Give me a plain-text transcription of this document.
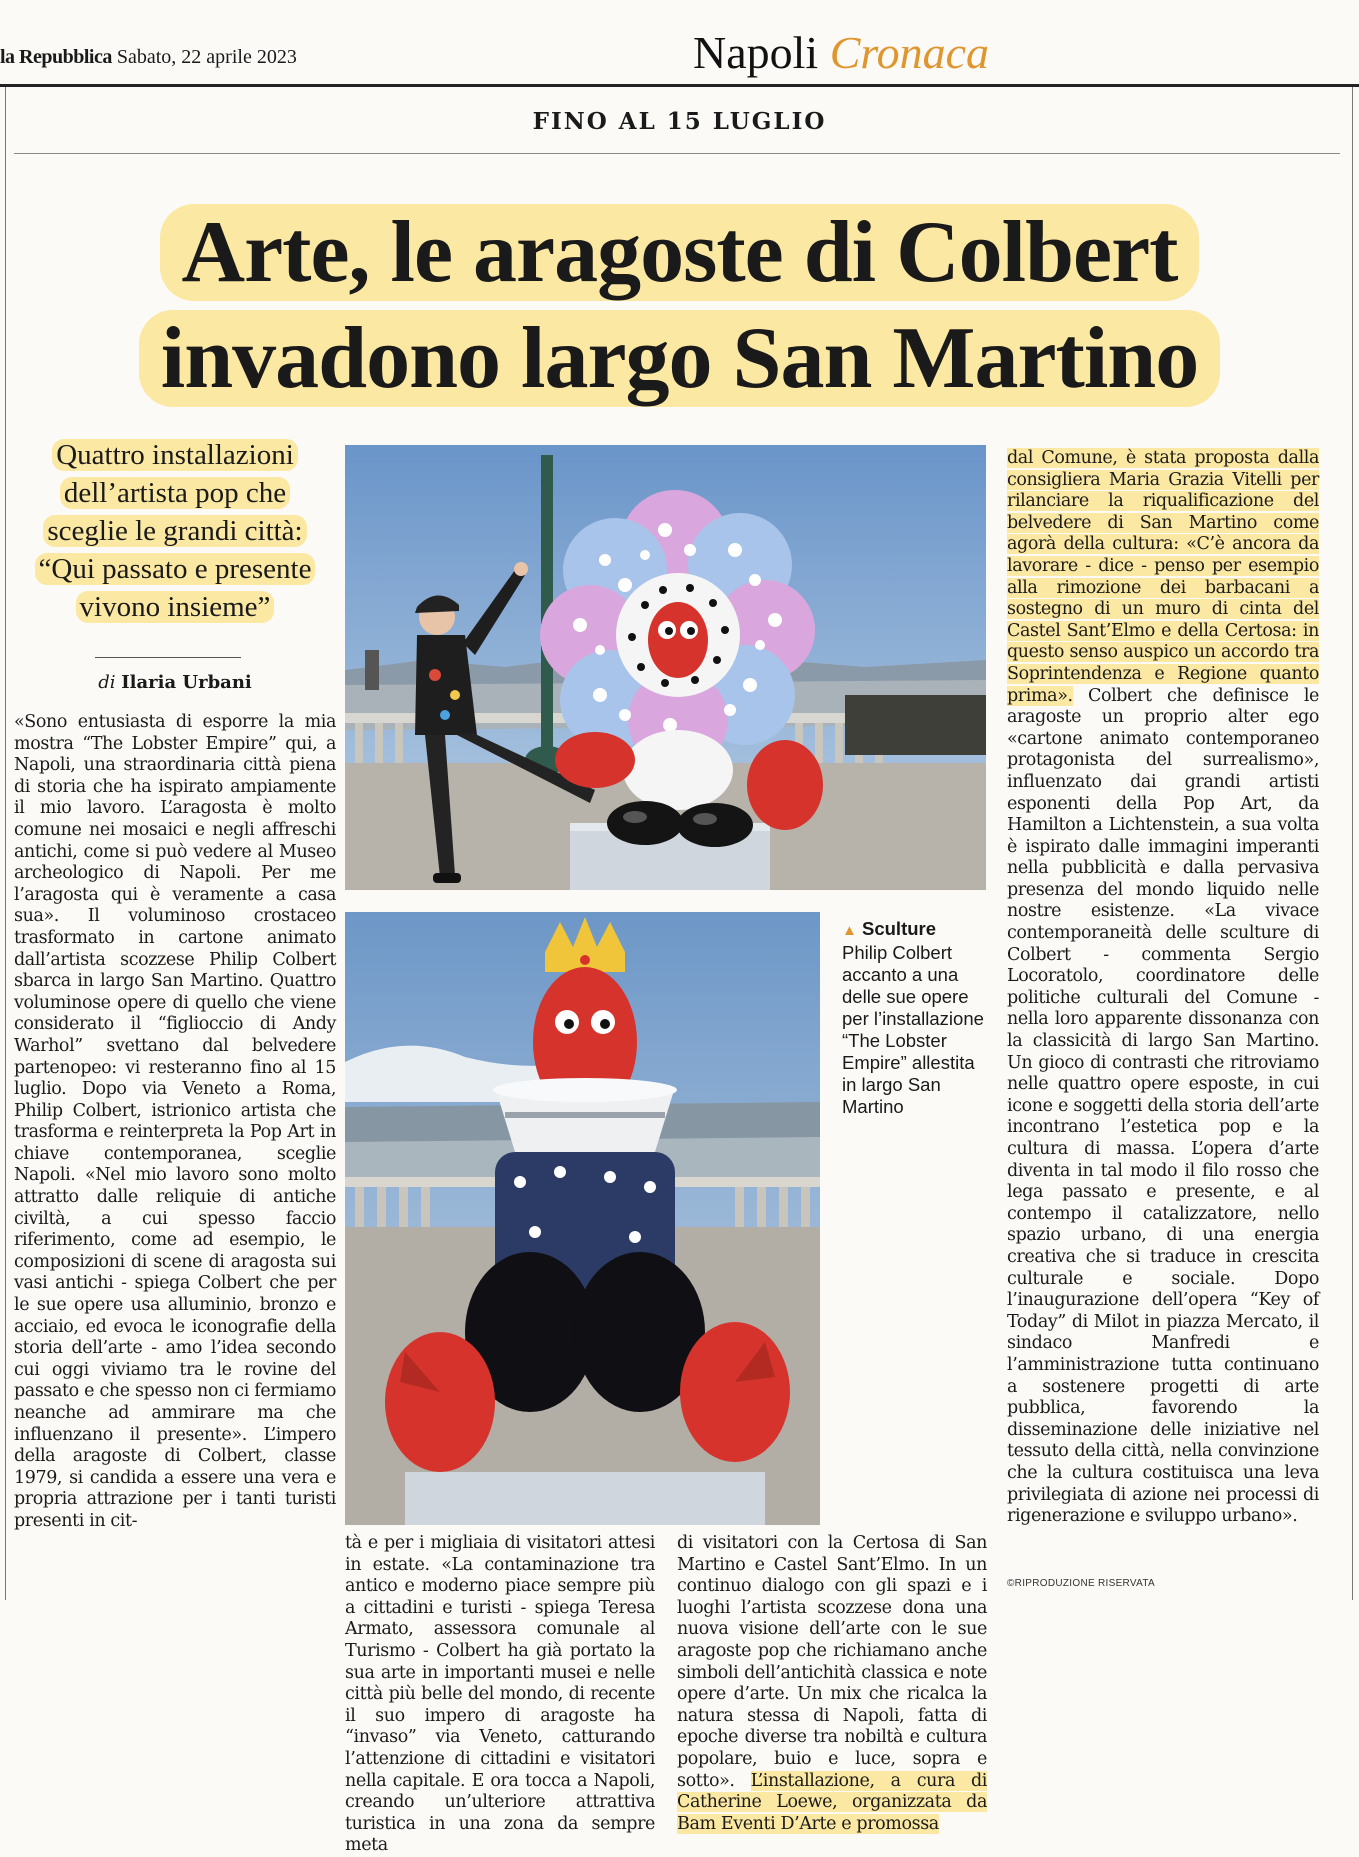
la Repubblica Sabato, 22 aprile 2023	Napoli Cronaca
FINO AL 15 LUGLIO
Arte, le aragoste di Colbert
invadono largo San Martino
Quattro installazioni
dell’artista pop che
sceglie le grandi città:
“Qui passato e presente
vivono insieme”
di Ilaria Urbani

«Sono entusiasta di esporre la mia mostra “The Lobster Empire” qui, a Napoli, una straordinaria città piena di storia che ha ispirato ampiamente il mio lavoro. L’aragosta è molto comune nei mosaici e negli affreschi antichi, come si può vedere al Museo archeologico di Napoli. Per me l’aragosta qui è veramente a casa sua». Il voluminoso crostaceo trasformato in cartone animato dall’artista scozzese Philip Colbert sbarca in largo San Martino. Quattro voluminose opere di quello che viene considerato il “figlioccio di Andy Warhol” svettano dal belvedere partenopeo: vi resteranno fino al 15 luglio. Dopo via Veneto a Roma, Philip Colbert, istrionico artista che trasforma e reinterpreta la Pop Art in chiave contemporanea, sceglie Napoli. «Nel mio lavoro sono molto attratto dalle reliquie di antiche civiltà, a cui spesso faccio riferimento, come ad esempio, le composizioni di scene di aragosta sui vasi antichi - spiega Colbert che per le sue opere usa alluminio, bronzo e acciaio, ed evoca le iconografie della storia dell’arte - amo l’idea secondo cui oggi viviamo tra le rovine del passato e che spesso non ci fermiamo neanche ad ammirare ma che influenzano il presente». L’impero della aragoste di Colbert, classe 1979, si candida a essere una vera e propria attrazione per i tanti turisti presenti in cit-

▲ Sculture
Philip Colbert accanto a una delle sue opere per l’installazione “The Lobster Empire” allestita in largo San Martino

tà e per i migliaia di visitatori attesi in estate. «La contaminazione tra antico e moderno piace sempre più a cittadini e turisti - spiega Teresa Armato, assessora comunale al Turismo - Colbert ha già portato la sua arte in importanti musei e nelle città più belle del mondo, di recente il suo impero di aragoste ha “invaso” via Veneto, catturando l’attenzione di cittadini e visitatori nella capitale. E ora tocca a Napoli, creando un’ulteriore attrattiva turistica in una zona da sempre meta

di visitatori con la Certosa di San Martino e Castel Sant’Elmo. In un continuo dialogo con gli spazi e i luoghi l’artista scozzese dona una nuova visione dell’arte con le sue aragoste pop che richiamano anche simboli dell’antichità classica e note opere d’arte. Un mix che ricalca la natura stessa di Napoli, fatta di epoche diverse tra nobiltà e cultura popolare, buio e luce, sopra e sotto». L’installazione, a cura di Catherine Loewe, organizzata da Bam Eventi D’Arte e promossa

dal Comune, è stata proposta dalla consigliera Maria Grazia Vitelli per rilanciare la riqualificazione del belvedere di San Martino come agorà della cultura: «C’è ancora da lavorare - dice - penso per esempio alla rimozione dei barbacani a sostegno di un muro di cinta del Castel Sant’Elmo e della Certosa: in questo senso auspico un accordo tra Soprintendenza e Regione quanto prima». Colbert che definisce le aragoste un proprio alter ego «cartone animato contemporaneo protagonista del surrealismo», influenzato dai grandi artisti esponenti della Pop Art, da Hamilton a Lichtenstein, a sua volta è ispirato dalle immagini imperanti nella pubblicità e dalla pervasiva presenza del mondo liquido nelle nostre esistenze. «La vivace contemporaneità delle sculture di Colbert - commenta Sergio Locoratolo, coordinatore delle politiche culturali del Comune - nella loro apparente dissonanza con la classicità di largo San Martino. Un gioco di contrasti che ritroviamo nelle quattro opere esposte, in cui icone e soggetti della storia dell’arte incontrano l’estetica pop e la cultura di massa. L’opera d’arte diventa in tal modo il filo rosso che lega passato e presente, e al contempo il catalizzatore, nello spazio urbano, di una energia creativa che si traduce in crescita culturale e sociale. Dopo l’inaugurazione dell’opera “Key of Today” di Milot in piazza Mercato, il sindaco Manfredi e l’amministrazione tutta continuano a sostenere progetti di arte pubblica, favorendo la disseminazione delle iniziative nel tessuto della città, nella convinzione che la cultura costituisca una leva privilegiata di azione nei processi di rigenerazione e sviluppo urbano».

©RIPRODUZIONE RISERVATA
